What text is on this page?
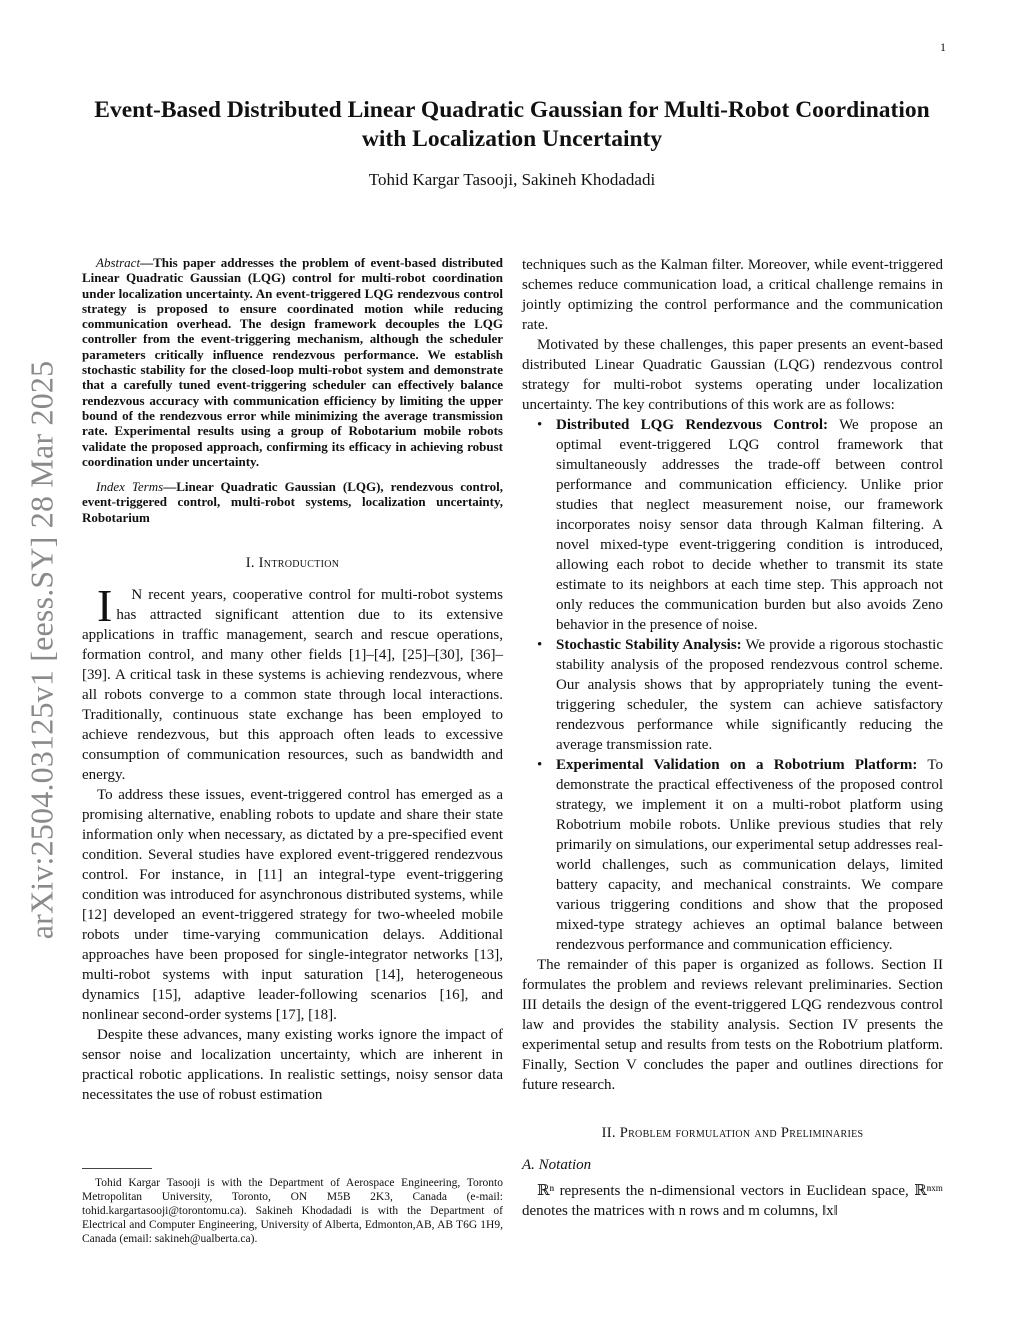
1
arXiv:2504.03125v1 [eess.SY] 28 Mar 2025
Event-Based Distributed Linear Quadratic Gaussian for Multi-Robot Coordination
with Localization Uncertainty

Tohid Kargar Tasooji, Sakineh Khodadadi

Abstract—This paper addresses the problem of event-based distributed Linear Quadratic Gaussian (LQG) control for multi-robot coordination under localization uncertainty. An event-triggered LQG rendezvous control strategy is proposed to ensure coordinated motion while reducing communication overhead. The design framework decouples the LQG controller from the event-triggering mechanism, although the scheduler parameters critically influence rendezvous performance. We establish stochastic stability for the closed-loop multi-robot system and demonstrate that a carefully tuned event-triggering scheduler can effectively balance rendezvous accuracy with communication efficiency by limiting the upper bound of the rendezvous error while minimizing the average transmission rate. Experimental results using a group of Robotarium mobile robots validate the proposed approach, confirming its efficacy in achieving robust coordination under uncertainty.

Index Terms—Linear Quadratic Gaussian (LQG), rendezvous control, event-triggered control, multi-robot systems, localization uncertainty, Robotarium

I. Introduction

I N recent years, cooperative control for multi-robot systems has attracted significant attention due to its extensive applications in traffic management, search and rescue operations, formation control, and many other fields [1]–[4], [25]–[30], [36]–[39]. A critical task in these systems is achieving rendezvous, where all robots converge to a common state through local interactions. Traditionally, continuous state exchange has been employed to achieve rendezvous, but this approach often leads to excessive consumption of communication resources, such as bandwidth and energy.

To address these issues, event-triggered control has emerged as a promising alternative, enabling robots to update and share their state information only when necessary, as dictated by a pre-specified event condition. Several studies have explored event-triggered rendezvous control. For instance, in [11] an integral-type event-triggering condition was introduced for asynchronous distributed systems, while [12] developed an event-triggered strategy for two-wheeled mobile robots under time-varying communication delays. Additional approaches have been proposed for single-integrator networks [13], multi-robot systems with input saturation [14], heterogeneous dynamics [15], adaptive leader-following scenarios [16], and nonlinear second-order systems [17], [18].

Despite these advances, many existing works ignore the impact of sensor noise and localization uncertainty, which are inherent in practical robotic applications. In realistic settings, noisy sensor data necessitates the use of robust estimation

Tohid Kargar Tasooji is with the Department of Aerospace Engineering, Toronto Metropolitan University, Toronto, ON M5B 2K3, Canada (e-mail: tohid.kargartasooji@torontomu.ca). Sakineh Khodadadi is with the Department of Electrical and Computer Engineering, University of Alberta, Edmonton,AB, AB T6G 1H9, Canada (email: sakineh@ualberta.ca).

techniques such as the Kalman filter. Moreover, while event-triggered schemes reduce communication load, a critical challenge remains in jointly optimizing the control performance and the communication rate.

Motivated by these challenges, this paper presents an event-based distributed Linear Quadratic Gaussian (LQG) rendezvous control strategy for multi-robot systems operating under localization uncertainty. The key contributions of this work are as follows:

• Distributed LQG Rendezvous Control: We propose an optimal event-triggered LQG control framework that simultaneously addresses the trade-off between control performance and communication efficiency. Unlike prior studies that neglect measurement noise, our framework incorporates noisy sensor data through Kalman filtering. A novel mixed-type event-triggering condition is introduced, allowing each robot to decide whether to transmit its state estimate to its neighbors at each time step. This approach not only reduces the communication burden but also avoids Zeno behavior in the presence of noise.
• Stochastic Stability Analysis: We provide a rigorous stochastic stability analysis of the proposed rendezvous control scheme. Our analysis shows that by appropriately tuning the event-triggering scheduler, the system can achieve satisfactory rendezvous performance while significantly reducing the average transmission rate.
• Experimental Validation on a Robotrium Platform: To demonstrate the practical effectiveness of the proposed control strategy, we implement it on a multi-robot platform using Robotrium mobile robots. Unlike previous studies that rely primarily on simulations, our experimental setup addresses real-world challenges, such as communication delays, limited battery capacity, and mechanical constraints. We compare various triggering conditions and show that the proposed mixed-type strategy achieves an optimal balance between rendezvous performance and communication efficiency.

The remainder of this paper is organized as follows. Section II formulates the problem and reviews relevant preliminaries. Section III details the design of the event-triggered LQG rendezvous control law and provides the stability analysis. Section IV presents the experimental setup and results from tests on the Robotrium platform. Finally, Section V concludes the paper and outlines directions for future research.

II. Problem formulation and Preliminaries
A. Notation

ℝⁿ represents the n-dimensional vectors in Euclidean space, ℝⁿˣᵐ denotes the matrices with n rows and m columns, ‖x‖
